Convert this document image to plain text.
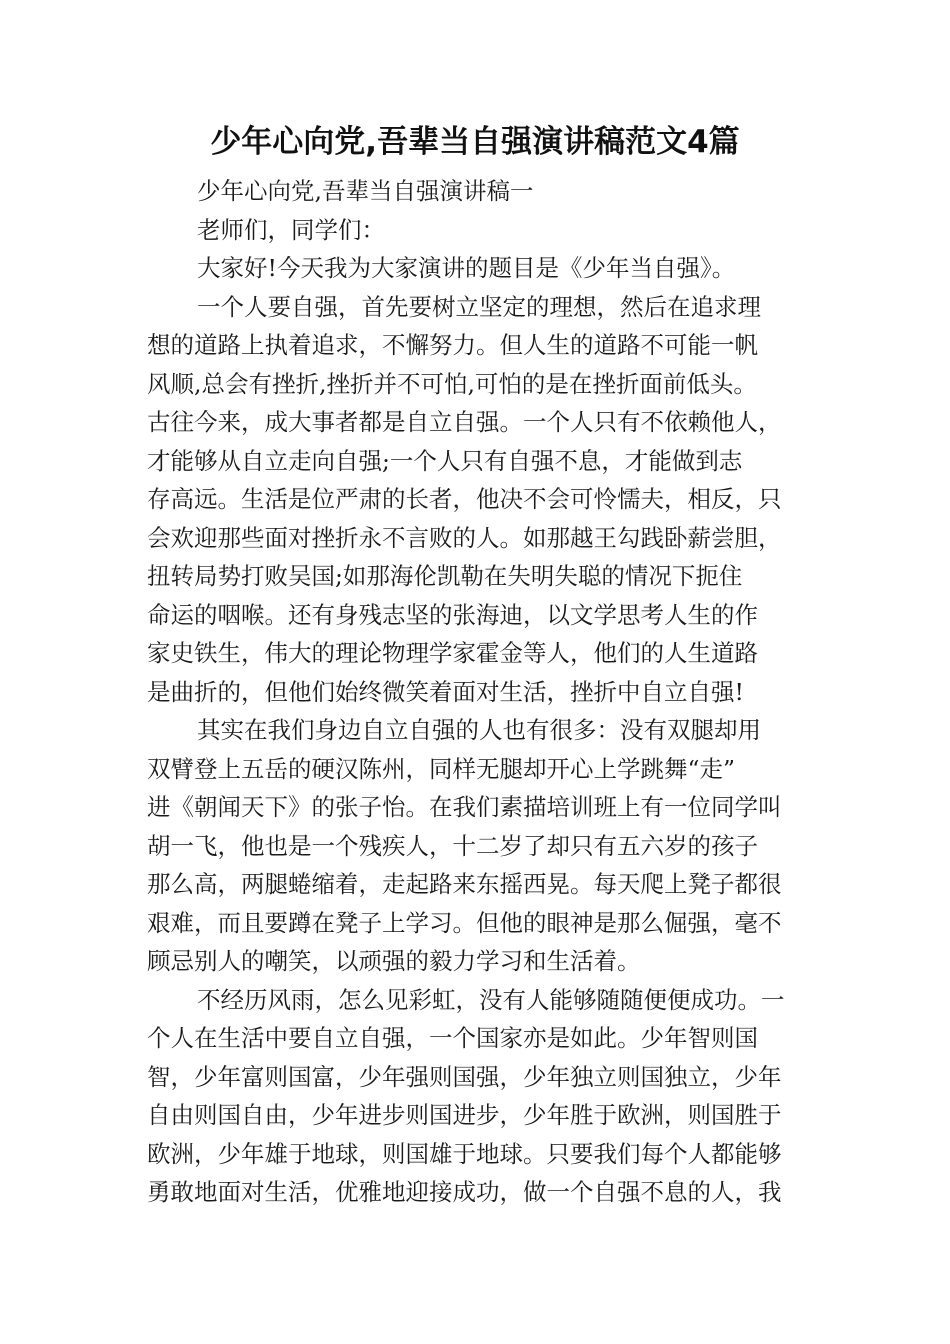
少年心向党,吾辈当自强演讲稿范文4篇
少年心向党,吾辈当自强演讲稿一
老师们，同学们：
大家好!今天我为大家演讲的题目是《少年当自强》。
一个人要自强，首先要树立坚定的理想，然后在追求理
想的道路上执着追求，不懈努力。但人生的道路不可能一帆
风顺,总会有挫折,挫折并不可怕,可怕的是在挫折面前低头。
古往今来，成大事者都是自立自强。一个人只有不依赖他人，
才能够从自立走向自强;一个人只有自强不息，才能做到志
存高远。生活是位严肃的长者，他决不会可怜懦夫，相反，只
会欢迎那些面对挫折永不言败的人。如那越王勾践卧薪尝胆，
扭转局势打败吴国;如那海伦凯勒在失明失聪的情况下扼住
命运的咽喉。还有身残志坚的张海迪，以文学思考人生的作
家史铁生，伟大的理论物理学家霍金等人，他们的人生道路
是曲折的，但他们始终微笑着面对生活，挫折中自立自强!
其实在我们身边自立自强的人也有很多：没有双腿却用
双臂登上五岳的硬汉陈州，同样无腿却开心上学跳舞“走”
进《朝闻天下》的张子怡。在我们素描培训班上有一位同学叫
胡一飞，他也是一个残疾人，十二岁了却只有五六岁的孩子
那么高，两腿蜷缩着，走起路来东摇西晃。每天爬上凳子都很
艰难，而且要蹲在凳子上学习。但他的眼神是那么倔强，毫不
顾忌别人的嘲笑，以顽强的毅力学习和生活着。
不经历风雨，怎么见彩虹，没有人能够随随便便成功。一
个人在生活中要自立自强，一个国家亦是如此。少年智则国
智，少年富则国富，少年强则国强，少年独立则国独立，少年
自由则国自由，少年进步则国进步，少年胜于欧洲，则国胜于
欧洲，少年雄于地球，则国雄于地球。只要我们每个人都能够
勇敢地面对生活，优雅地迎接成功，做一个自强不息的人，我
